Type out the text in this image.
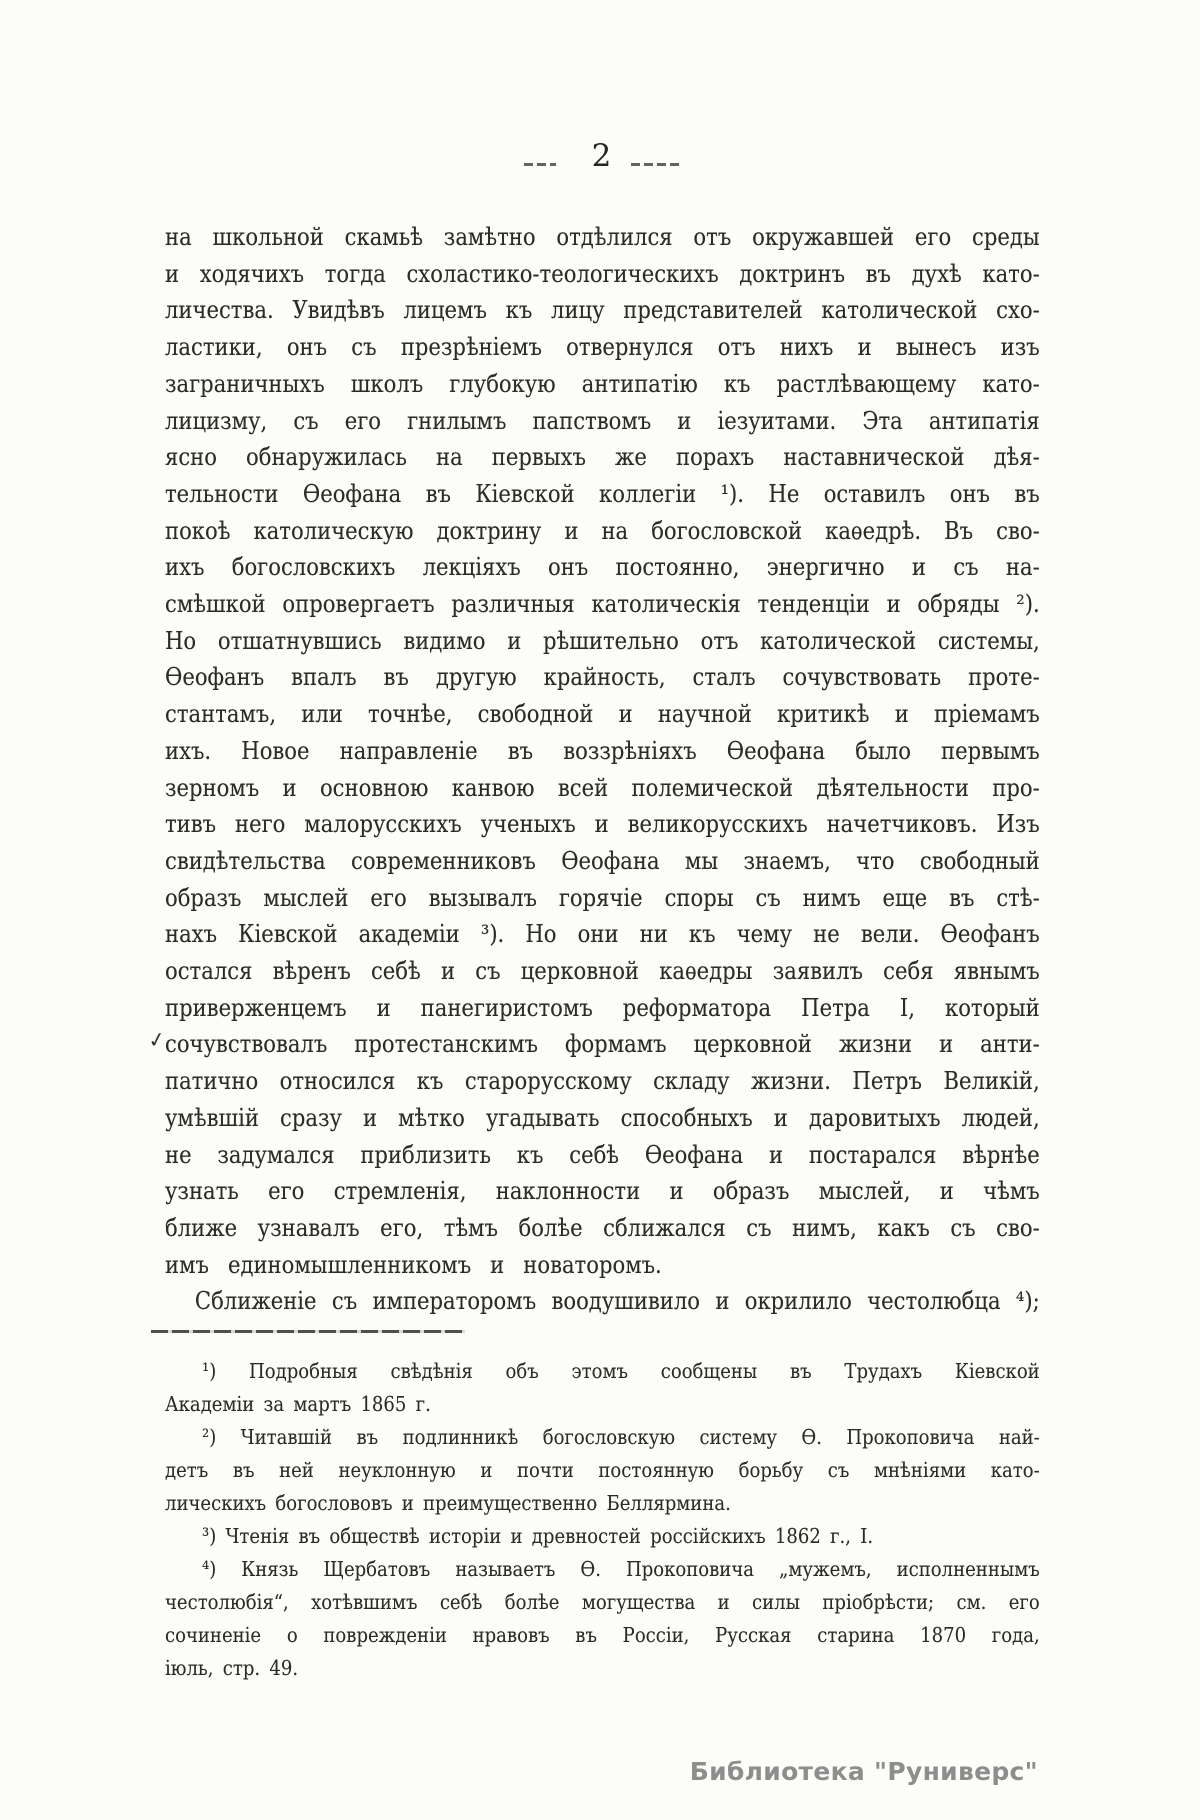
2
✓
на школьной скамьѣ замѣтно отдѣлился отъ окружавшей его среды
и ходячихъ тогда схоластико-теологическихъ доктринъ въ духѣ като-
личества. Увидѣвъ лицемъ къ лицу представителей католической схо-
ластики, онъ съ презрѣніемъ отвернулся отъ нихъ и вынесъ изъ
заграничныхъ школъ глубокую антипатію къ растлѣвающему като-
лицизму, съ его гнилымъ папствомъ и іезуитами. Эта антипатія
ясно обнаружилась на первыхъ же порахъ наставнической дѣя-
тельности Ѳеофана въ Кіевской коллегіи ¹). Не оставилъ онъ въ
покоѣ католическую доктрину и на богословской каѳедрѣ. Въ сво-
ихъ богословскихъ лекціяхъ онъ постоянно, энергично и съ на-
смѣшкой опровергаетъ различныя католическія тенденціи и обряды ²).
Но отшатнувшись видимо и рѣшительно отъ католической системы,
Ѳеофанъ впалъ въ другую крайность, сталъ сочувствовать проте-
стантамъ, или точнѣе, свободной и научной критикѣ и пріемамъ
ихъ. Новое направленіе въ воззрѣніяхъ Ѳеофана было первымъ
зерномъ и основною канвою всей полемической дѣятельности про-
тивъ него малорусскихъ ученыхъ и великорусскихъ начетчиковъ. Изъ
свидѣтельства современниковъ Ѳеофана мы знаемъ, что свободный
образъ мыслей его вызывалъ горячіе споры съ нимъ еще въ стѣ-
нахъ Кіевской академіи ³). Но они ни къ чему не вели. Ѳеофанъ
остался вѣренъ себѣ и съ церковной каѳедры заявилъ себя явнымъ
приверженцемъ и панегиристомъ реформатора Петра I, который
сочувствовалъ протестанскимъ формамъ церковной жизни и анти-
патично относился къ старорусскому складу жизни. Петръ Великій,
умѣвшій сразу и мѣтко угадывать способныхъ и даровитыхъ людей,
не задумался приблизить къ себѣ Ѳеофана и постарался вѣрнѣе
узнать его стремленія, наклонности и образъ мыслей, и чѣмъ
ближе узнавалъ его, тѣмъ болѣе сближался съ нимъ, какъ съ сво-
имъ единомышленникомъ и новаторомъ.
Сближеніе съ императоромъ воодушивило и окрилило честолюбца ⁴);
¹) Подробныя свѣдѣнія объ этомъ сообщены въ Трудахъ Кіевской
Академіи за мартъ 1865 г.
²) Читавшій въ подлинникѣ богословскую систему Ѳ. Прокоповича най-
детъ въ ней неуклонную и почти постоянную борьбу съ мнѣніями като-
лическихъ богослововъ и преимущественно Беллярмина.
³) Чтенія въ обществѣ исторіи и древностей россійскихъ 1862 г., I.
⁴) Князь Щербатовъ называетъ Ѳ. Прокоповича „мужемъ, исполненнымъ
честолюбія“, хотѣвшимъ себѣ болѣе могущества и силы пріобрѣсти; см. его
сочиненіе о поврежденіи нравовъ въ Россіи, Русская старина 1870 года,
іюль, стр. 49.
Библиотека "Руниверс"
